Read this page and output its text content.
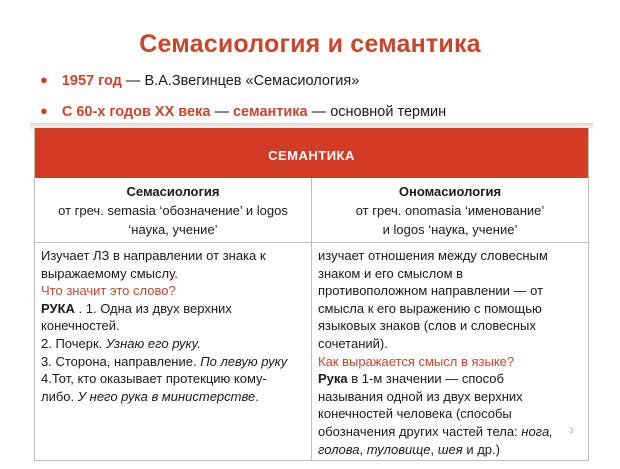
Семасиология и семантика
● 1957 год — В.А.Звегинцев «Семасиология»
● С 60-х годов XX века — семантика — основной термин
СЕМАНТИКА
Семасиология
от греч. semasia ‘обозначение’ и logos
‘наука, учение’
Ономасиология
от греч. onomasia ‘именование’
и logos ‘наука, учение’
Изучает ЛЗ в направлении от знака к
выражаемому смыслу.
Что значит это слово?
РУКА . 1. Одна из двух верхних
конечностей.
2. Почерк. Узнаю его руку.
3. Сторона, направление. По левую руку
4.Тот, кто оказывает протекцию кому-
либо. У него рука в министерстве.
изучает отношения между словесным
знаком и его смыслом в
противоположном направлении — от
смысла к его выражению с помощью
языковых знаков (слов и словесных
сочетаний).
Как выражается смысл в языке?
Рука в 1-м значении — способ
называния одной из двух верхних
конечностей человека (способы
обозначения других частей тела: нога,
голова, туловище, шея и др.)
3
